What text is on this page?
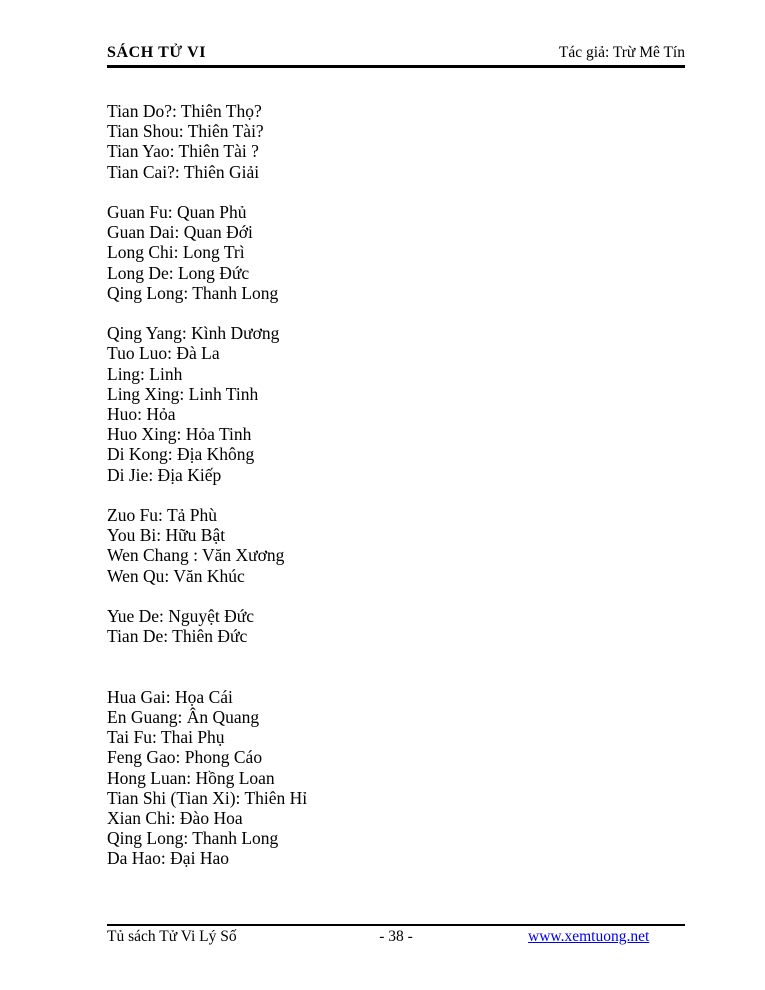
SÁCH TỬ VI	Tác giả: Trừ Mê Tín
Tian Do?: Thiên Thọ?
Tian Shou: Thiên Tài?
Tian Yao: Thiên Tài ?
Tian Cai?: Thiên Giải
Guan Fu: Quan Phủ
Guan Dai: Quan Đới
Long Chi: Long Trì
Long De: Long Đức
Qing Long: Thanh Long
Qing Yang: Kình Dương
Tuo Luo: Đà La
Ling: Linh
Ling Xing: Linh Tinh
Huo: Hỏa
Huo Xing: Hỏa Tinh
Di Kong: Địa Không
Di Jie: Địa Kiếp
Zuo Fu: Tả Phù
You Bi: Hữu Bật
Wen Chang : Văn Xương
Wen Qu: Văn Khúc
Yue De: Nguyệt Đức
Tian De: Thiên Đức
Hua Gai: Họa Cái
En Guang: Ân Quang
Tai Fu: Thai Phụ
Feng Gao: Phong Cáo
Hong Luan: Hồng Loan
Tian Shi (Tian Xi): Thiên Hỉ
Xian Chi: Đào Hoa
Qing Long: Thanh Long
Da Hao: Đại Hao
Tủ sách Tử Vi Lý Số	- 38 -	www.xemtuong.net
